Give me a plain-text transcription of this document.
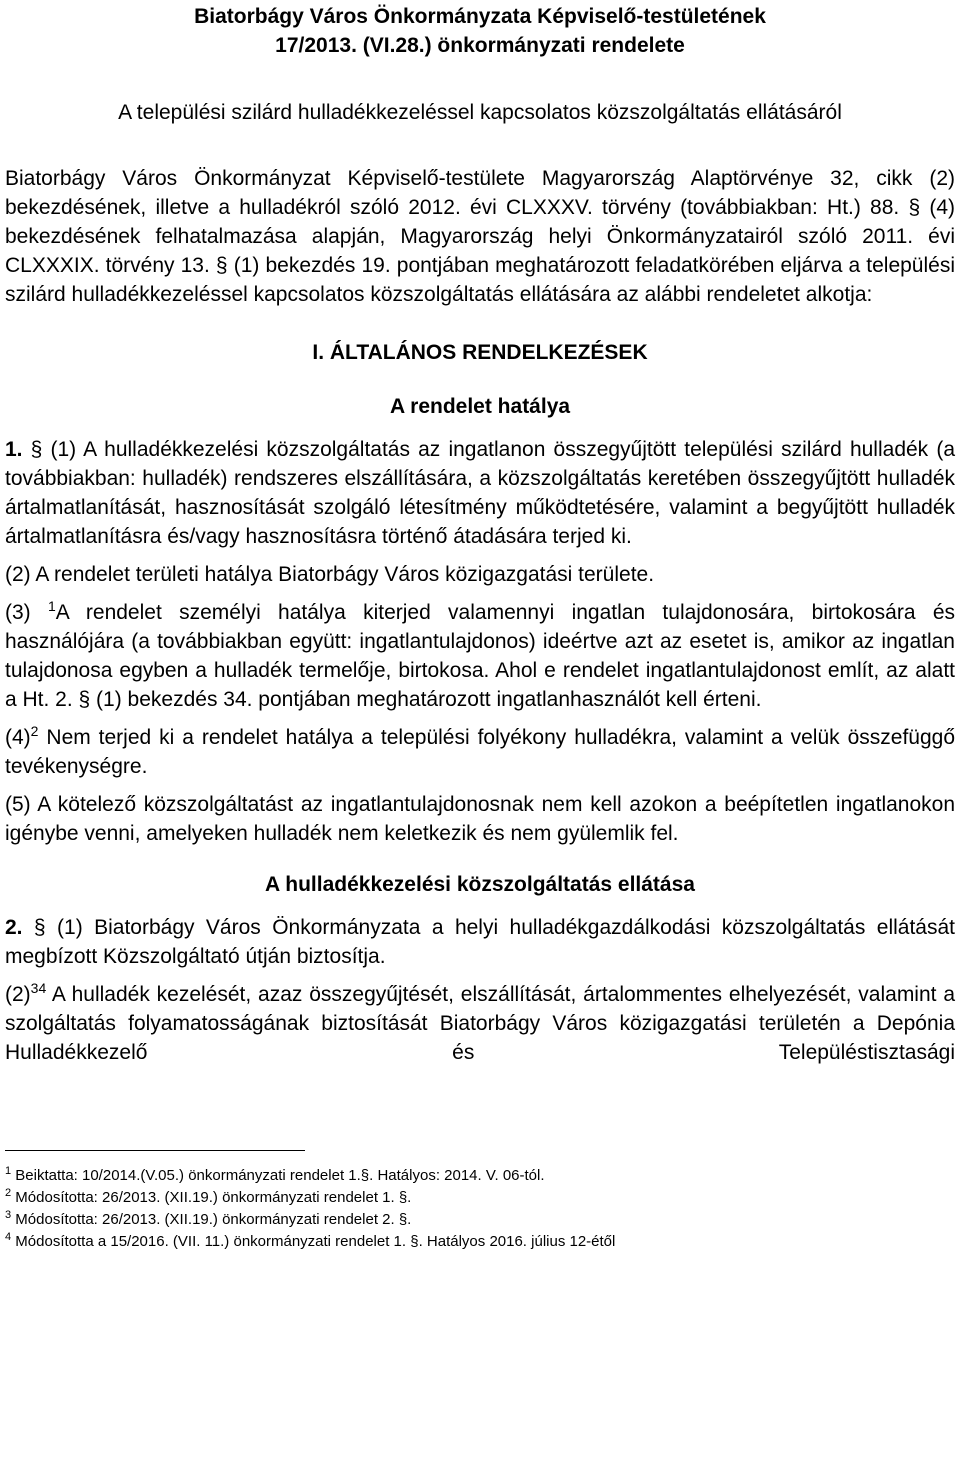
Biatorbágy Város Önkormányzata Képviselő-testületének

17/2013. (VI.28.) önkormányzati rendelete

A települési szilárd hulladékkezeléssel kapcsolatos közszolgáltatás ellátásáról

Biatorbágy Város Önkormányzat Képviselő-testülete Magyarország Alaptörvénye 32, cikk (2) bekezdésének, illetve a hulladékról szóló 2012. évi CLXXXV. törvény (továbbiakban: Ht.) 88. § (4) bekezdésének felhatalmazása alapján, Magyarország helyi Önkormányzatairól szóló 2011. évi CLXXXIX. törvény 13. § (1) bekezdés 19. pontjában meghatározott feladatkörében eljárva a települési szilárd hulladékkezeléssel kapcsolatos közszolgáltatás ellátására az alábbi rendeletet alkotja:

I. ÁLTALÁNOS RENDELKEZÉSEK

A rendelet hatálya

1. § (1) A hulladékkezelési közszolgáltatás az ingatlanon összegyűjtött települési szilárd hulladék (a továbbiakban: hulladék) rendszeres elszállítására, a közszolgáltatás keretében összegyűjtött hulladék ártalmatlanítását, hasznosítását szolgáló létesítmény működtetésére, valamint a begyűjtött hulladék ártalmatlanításra és/vagy hasznosításra történő átadására terjed ki.

(2) A rendelet területi hatálya Biatorbágy Város közigazgatási területe.

(3) $^1$A rendelet személyi hatálya kiterjed valamennyi ingatlan tulajdonosára, birtokosára és használójára (a továbbiakban együtt: ingatlantulajdonos) ideértve azt az esetet is, amikor az ingatlan tulajdonosa egyben a hulladék termelője, birtokosa. Ahol e rendelet ingatlantulajdonost említ, az alatt a Ht. 2. § (1) bekezdés 34. pontjában meghatározott ingatlanhasználót kell érteni.

$(4)^2$ Nem terjed ki a rendelet hatálya a települési folyékony hulladékra, valamint a velük összefüggő tevékenységre.

(5) A kötelező közszolgáltatást az ingatlantulajdonosnak nem kell azokon a beépítetlen ingatlanokon igénybe venni, amelyeken hulladék nem keletkezik és nem gyülemlik fel.

A hulladékkezelési közszolgáltatás ellátása

2. § (1) Biatorbágy Város Önkormányzata a helyi hulladékgazdálkodási közszolgáltatás ellátását megbízott Közszolgáltató útján biztosítja.

$(2)^{34}$ A hulladék kezelését, azaz összegyűjtését, elszállítását, ártalommentes elhelyezését, valamint a szolgáltatás folyamatosságának biztosítását Biatorbágy Város közigazgatási területén a Depónia Hulladékkezelő és Településtisztasági

$^1$ Beiktatta: 10/2014.(V.05.) önkormányzati rendelet 1.§. Hatályos: 2014. V. 06-tól.

$^2$ Módosította: 26/2013. (XII.19.) önkormányzati rendelet 1. §.

$^3$ Módosította: 26/2013. (XII.19.) önkormányzati rendelet 2. §.

$^4$ Módosította a 15/2016. (VII. 11.) önkormányzati rendelet 1. §. Hatályos 2016. július 12-étől
